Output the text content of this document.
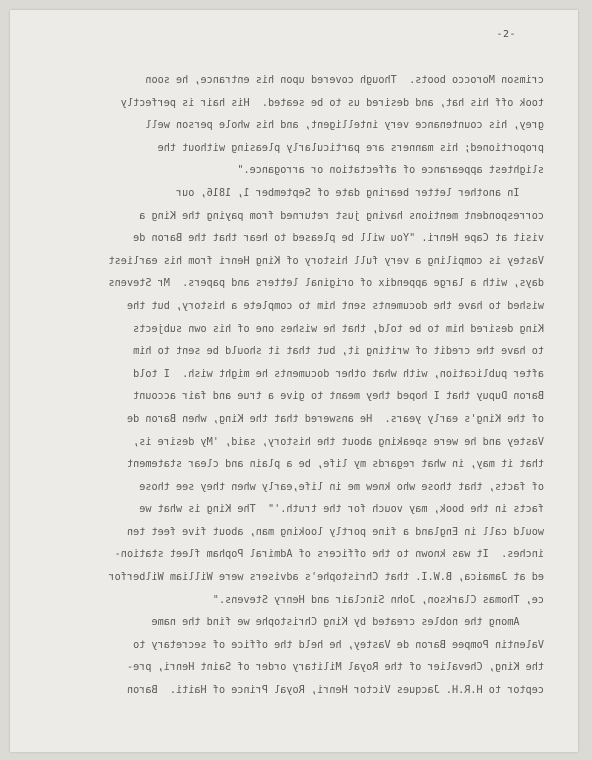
-2-
crimson Morocco boots.  Though covered upon his entrance, he soon
took off his hat, and desired us to be seated.  His hair is perfectly
grey, his countenance very intelligent, and his whole person well
proportioned; his manners are particularly pleasing without the
slightest appearance of affectation or arrogance."
In another letter bearing date of September 1, 1816, our
correspondent mentions having just returned from paying the King a
visit at Cape Henri. "You will be pleased to hear that the Baron de
Vastey is compiling a very full history of King Henri from his earliest
days, with a large appendix of original letters and papers.  Mr Stevens
wished to have the documents sent him to complete a history, but the
King desired him to be told, that he wishes one of his own subjects
to have the credit of writing it, but that it should be sent to him
after publication, with what other documents he might wish.  I told
Baron Dupuy that I hoped they meant to give a true and fair account
of the King's early years.  He answered that the King, when Baron de
Vastey and he were speaking about the history, said, 'My desire is,
that it may, in what regards my life, be a plain and clear statement
of facts, that those who knew me in life,early when they see those
facts in the book, may vouch for the truth.'"  The King is what we
would call in England a fine portly looking man, about five feet ten
inches.  It was known to the officers of Admiral Popham fleet station-
ed at Jamaica, B.W.I. that Christophe's advisers were William Wilberfor
ce, Thomas Clarkson, John Sinclair and Henry Stevens."
Among the nobles created by King Christophe we find the name
Valentin Pompee Baron de Vastey, he held the office of secretary to
the King, Chevalier of the Royal Military order of Saint Henri, pre-
ceptor to H.R.H. Jacques Victor Henri, Royal Prince of Haiti.  Baron
